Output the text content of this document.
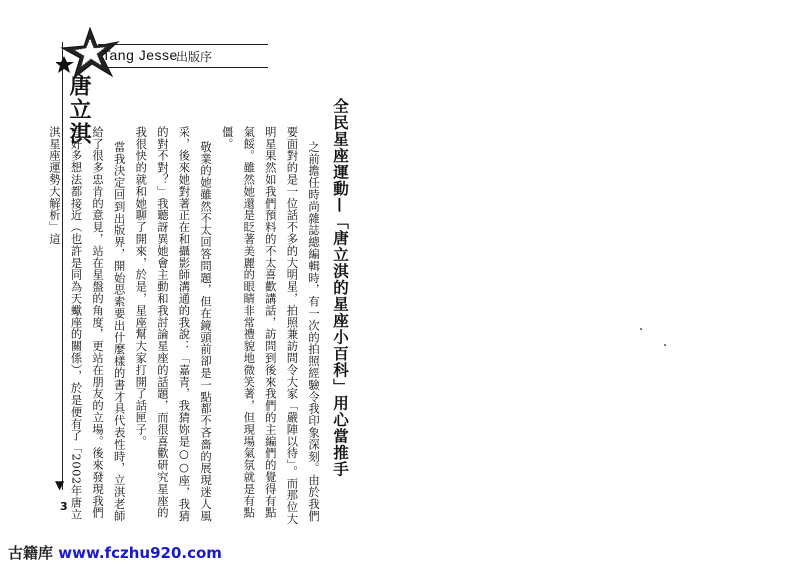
Tang Jesse
出版序
唐立淇
▼
3
全民星座運動—「唐立淇的星座小百科」用心當推手

之前擔任時尚雜誌總編輯時，有一次的拍照經驗令我印象深刻。由於我們要面對的是一位話不多的大明星，拍照兼訪問令大家「嚴陣以待」。而那位大明星果然如我們預料的不太喜歡講話，訪問到後來我們的主編們的覺得有點氣餒。雖然她還是眨著美麗的眼睛非常禮貌地微笑著，但現場氣氛就是有點僵。

敬業的她雖然不太回答問題，但在鏡頭前卻是一點都不吝嗇的展現迷人風采，後來她對著正在和攝影師溝通的我說：「嘉青，我猜妳是○○座，我猜的對不對？」我聽訝異她會主動和我討論星座的話題，而很喜歡研究星座的我很快的就和她聊了開來，於是，星座幫大家打開了話匣子。

當我決定回到出版界，開始思索要出什麼樣的書才具代表性時，立淇老師給了很多忠肯的意見，站在星盤的角度，更站在朋友的立場。後來發現我們有好多想法都接近（也許是同為天蠍座的關係），於是便有了「2002年唐立淇星座運勢大解析」這

古籍库 www.fczhu920.com
